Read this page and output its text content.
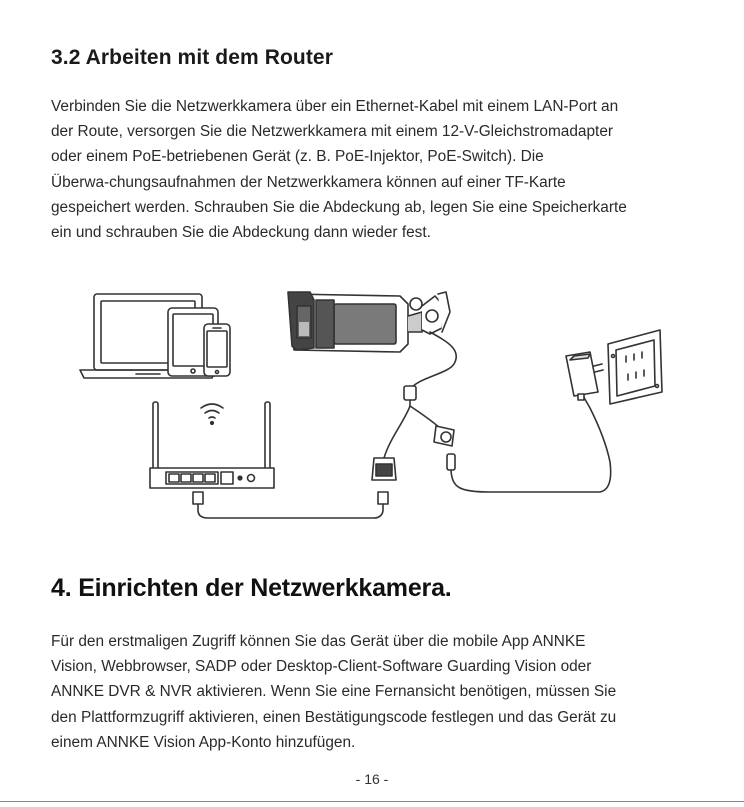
3.2 Arbeiten mit dem Router

Verbinden Sie die Netzwerkkamera über ein Ethernet-Kabel mit einem LAN-Port an
der Route, versorgen Sie die Netzwerkkamera mit einem 12-V-Gleichstromadapter
oder einem PoE-betriebenen Gerät (z. B. PoE-Injektor, PoE-Switch). Die
Überwa-chungsaufnahmen der Netzwerkkamera können auf einer TF-Karte
gespeichert werden. Schrauben Sie die Abdeckung ab, legen Sie eine Speicherkarte
ein und schrauben Sie die Abdeckung dann wieder fest.

4. Einrichten der Netzwerkkamera.

Für den erstmaligen Zugriff können Sie das Gerät über die mobile App ANNKE
Vision, Webbrowser, SADP oder Desktop-Client-Software Guarding Vision oder
ANNKE DVR & NVR aktivieren. Wenn Sie eine Fernansicht benötigen, müssen Sie
den Plattformzugriff aktivieren, einen Bestätigungscode festlegen und das Gerät zu
einem ANNKE Vision App-Konto hinzufügen.

- 16 -
